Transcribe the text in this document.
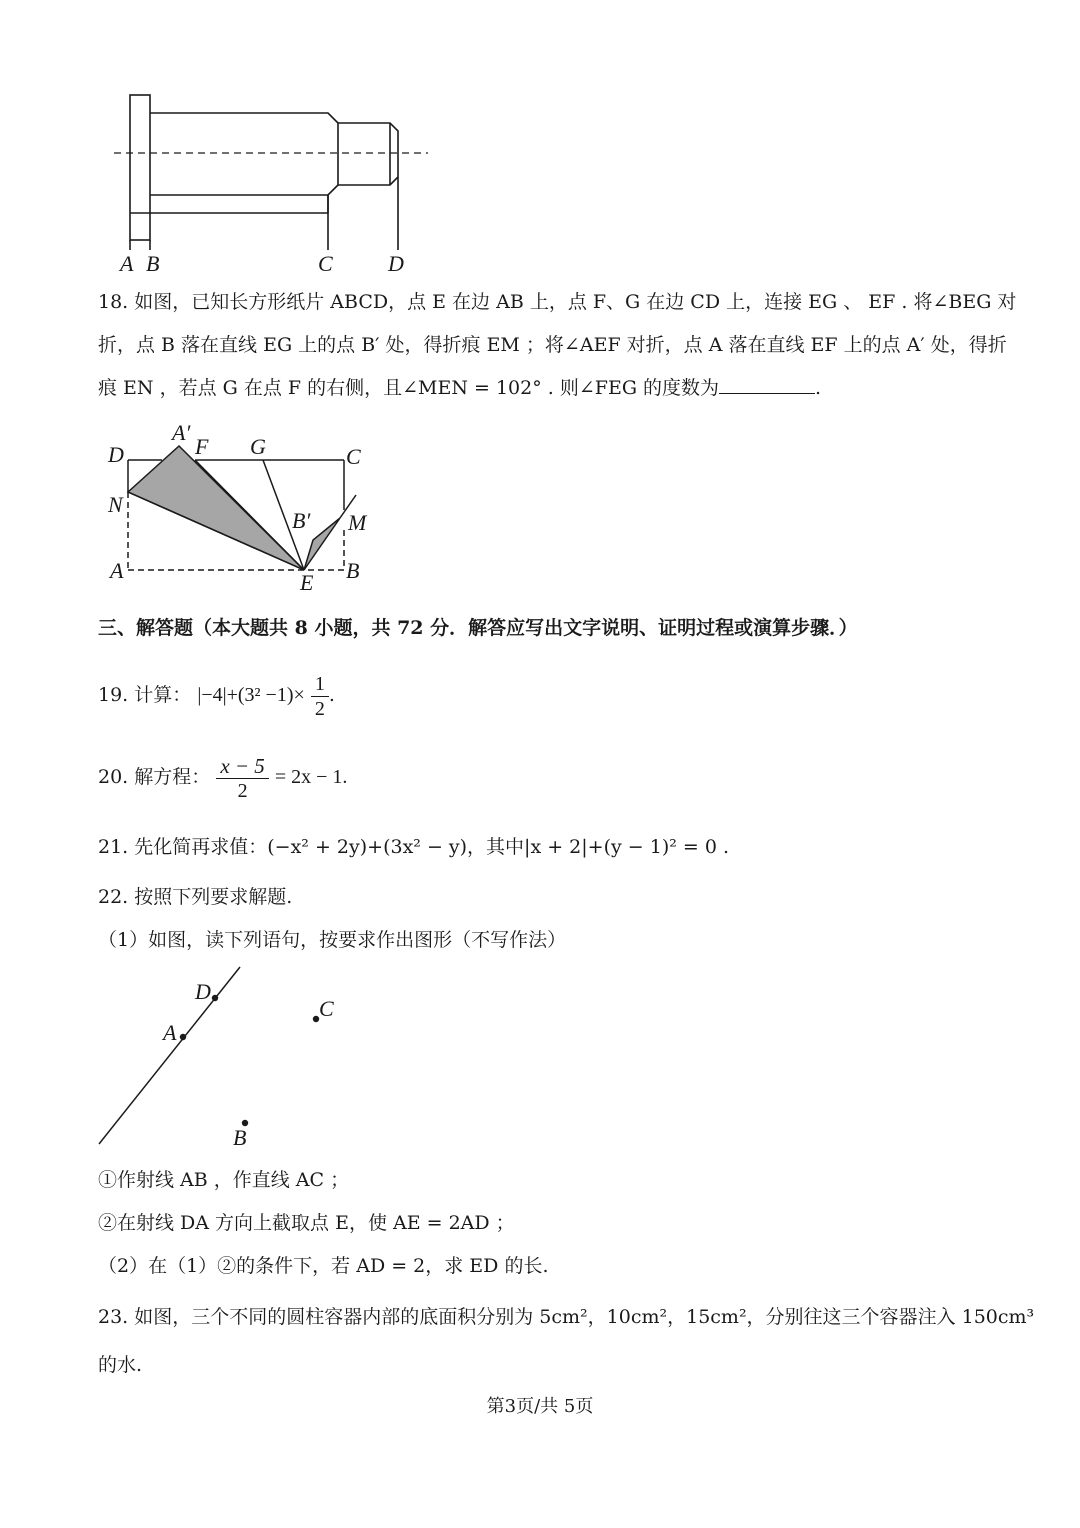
A B	C	D
18. 如图，已知长方形纸片 ABCD，点 E 在边 AB 上，点 F、G 在边 CD 上，连接 EG 、 EF . 将∠BEG 对
折，点 B 落在直线 EG 上的点 B′ 处，得折痕 EM ；将∠AEF 对折，点 A 落在直线 EF 上的点 A′ 处，得折
痕 EN ，若点 G 在点 F 的右侧，且∠MEN = 102° . 则∠FEG 的度数为	.
A′
F G
D	C
N
B′ M
A	E B
三、解答题（本大题共 8 小题，共 72 分．解答应写出文字说明、证明过程或演算步骤．）
19. 计算： $|-4|+(3^2 -1)\times \frac{1}{2}$ .
20. 解方程： $\frac{x - 5}{2} = 2x - 1$.
21. 先化简再求值：(−x² + 2y)+(3x² − y)，其中|x + 2|+(y − 1)² = 0 .
22. 按照下列要求解题.
（1）如图，读下列语句，按要求作出图形（不写作法）
D
A
C
B
①作射线 AB ，作直线 AC ；
②在射线 DA 方向上截取点 E，使 AE = 2AD ；
（2）在（1）②的条件下，若 AD = 2，求 ED 的长.
23. 如图，三个不同的圆柱容器内部的底面积分别为 5cm²，10cm²，15cm²，分别往这三个容器注入 150cm³
的水.
第3页/共 5页
